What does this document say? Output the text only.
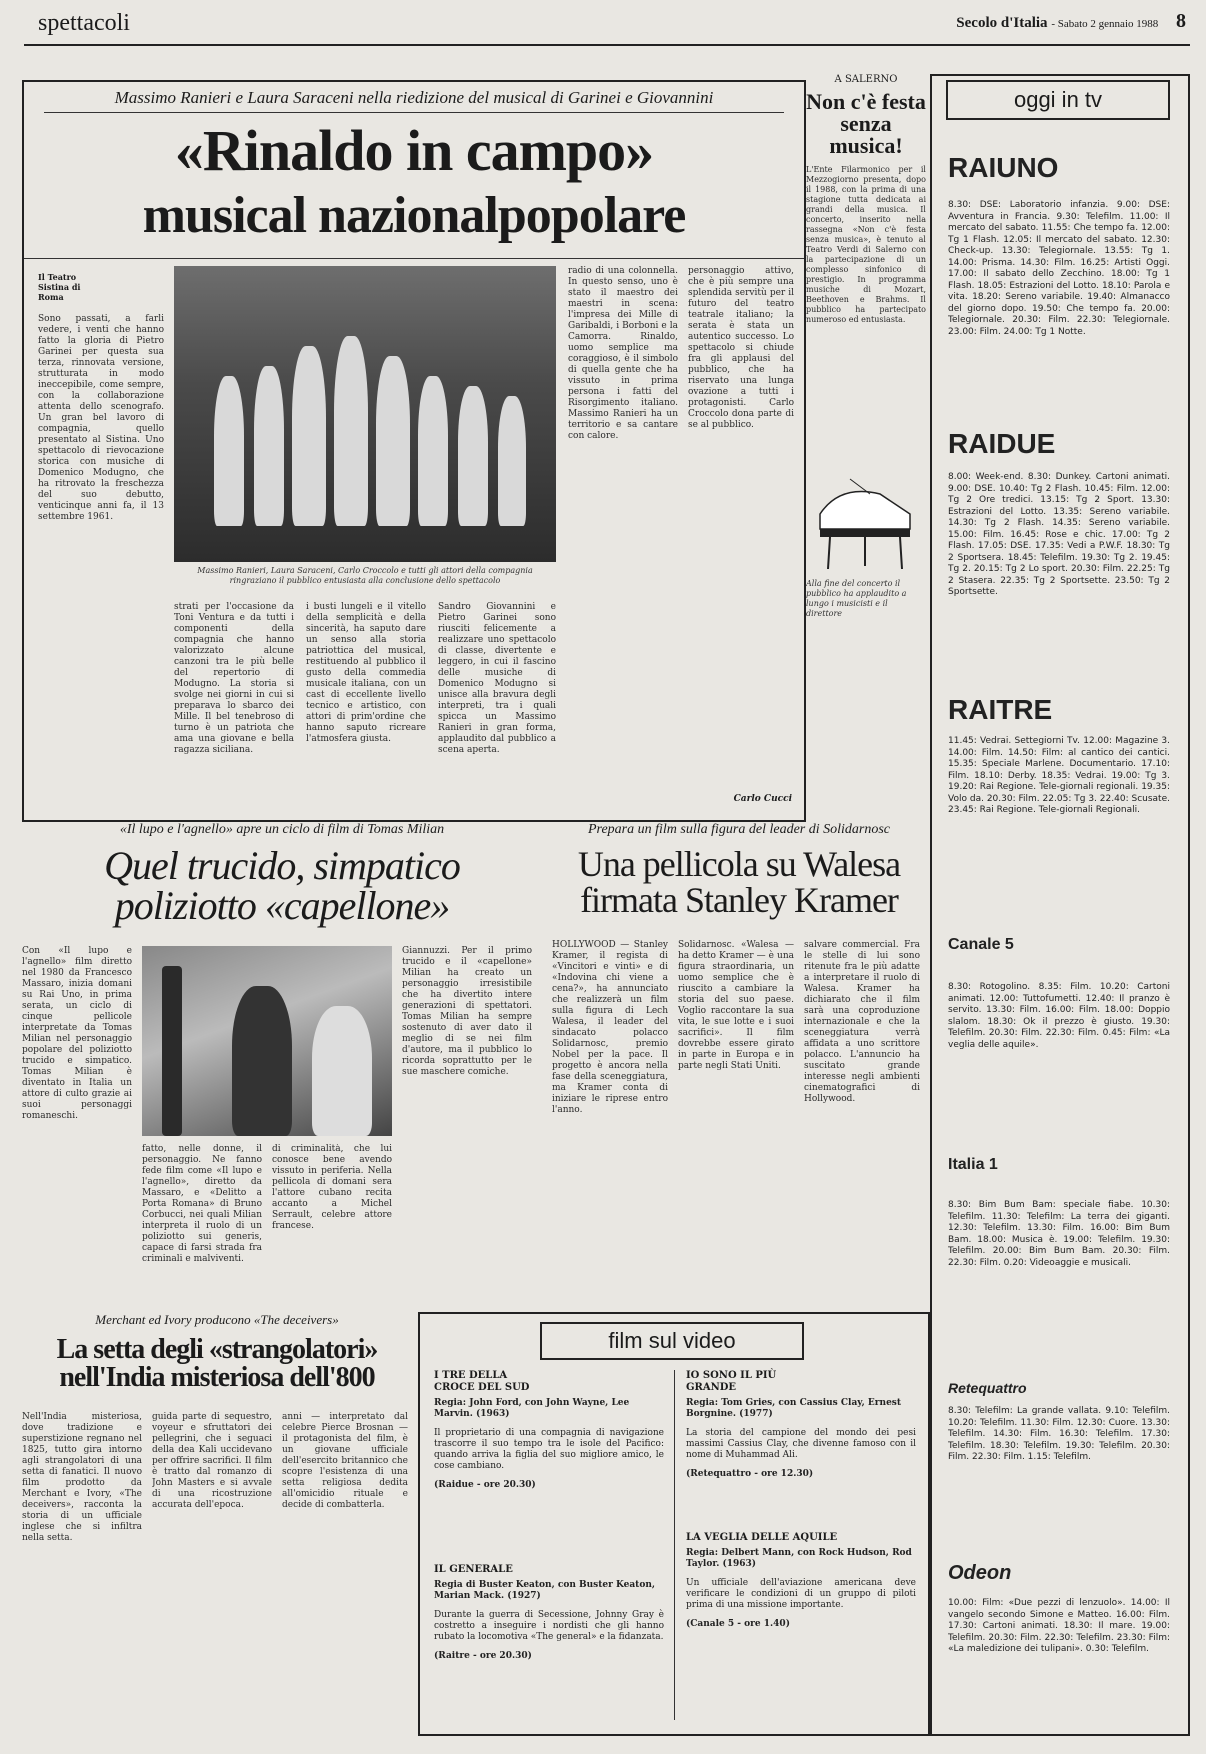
spettacoli	Secolo d'Italia - Sabato 2 gennaio 1988 8
Massimo Ranieri e Laura Saraceni nella riedizione del musical di Garinei e Giovannini
«Rinaldo in campo»
musical nazionalpopolare
Il Teatro Sistina di Roma
Sono passati, a farli vedere, i venti che hanno fatto la gloria di Pietro Garinei per questa sua terza, rinnovata versione, strutturata in modo ineccepibile, come sempre, con la collaborazione attenta dello scenografo. Un gran bel lavoro di compagnia, quello presentato al Sistina. Uno spettacolo di rievocazione storica con musiche di Domenico Modugno, che ha ritrovato la freschezza del suo debutto, venticinque anni fa, il 13 settembre 1961.
Massimo Ranieri, Laura Saraceni, Carlo Croccolo e tutti gli attori della compagnia ringraziano il pubblico entusiasta alla conclusione dello spettacolo
strati per l'occasione da Toni Ventura e da tutti i componenti della compagnia che hanno valorizzato alcune canzoni tra le più belle del repertorio di Modugno. La storia si svolge nei giorni in cui si preparava lo sbarco dei Mille. Il bel tenebroso di turno è un patriota che ama una giovane e bella ragazza siciliana.
i busti lungeli e il vitello della semplicità e della sincerità, ha saputo dare un senso alla storia patriottica del musical, restituendo al pubblico il gusto della commedia musicale italiana, con un cast di eccellente livello tecnico e artistico, con attori di prim'ordine che hanno saputo ricreare l'atmosfera giusta.
Sandro Giovannini e Pietro Garinei sono riusciti felicemente a realizzare uno spettacolo di classe, divertente e leggero, in cui il fascino delle musiche di Domenico Modugno si unisce alla bravura degli interpreti, tra i quali spicca un Massimo Ranieri in gran forma, applaudito dal pubblico a scena aperta.
radio di una colonnella. In questo senso, uno è stato il maestro dei maestri in scena: l'impresa dei Mille di Garibaldi, i Borboni e la Camorra. Rinaldo, uomo semplice ma coraggioso, è il simbolo di quella gente che ha vissuto in prima persona i fatti del Risorgimento italiano. Massimo Ranieri ha un territorio e sa cantare con calore.
personaggio attivo, che è più sempre una splendida servitù per il futuro del teatro teatrale italiano; la serata è stata un autentico successo. Lo spettacolo si chiude fra gli applausi del pubblico, che ha riservato una lunga ovazione a tutti i protagonisti. Carlo Croccolo dona parte di se al pubblico.
Carlo Cucci
A SALERNO
Non c'è festa senza musica!
L'Ente Filarmonico per il Mezzogiorno presenta, dopo il 1988, con la prima di una stagione tutta dedicata ai grandi della musica. Il concerto, inserito nella rassegna «Non c'è festa senza musica», è tenuto al Teatro Verdi di Salerno con la partecipazione di un complesso sinfonico di prestigio. In programma musiche di Mozart, Beethoven e Brahms. Il pubblico ha partecipato numeroso ed entusiasta.
Alla fine del concerto il pubblico ha applaudito a lungo i musicisti e il direttore
«Il lupo e l'agnello» apre un ciclo di film di Tomas Milian
Quel trucido, simpatico
poliziotto «capellone»
Con «Il lupo e l'agnello» film diretto nel 1980 da Francesco Massaro, inizia domani su Rai Uno, in prima serata, un ciclo di cinque pellicole interpretate da Tomas Milian nel personaggio popolare del poliziotto trucido e simpatico. Tomas Milian è diventato in Italia un attore di culto grazie ai suoi personaggi romaneschi.
fatto, nelle donne, il personaggio. Ne fanno fede film come «Il lupo e l'agnello», diretto da Massaro, e «Delitto a Porta Romana» di Bruno Corbucci, nei quali Milian interpreta il ruolo di un poliziotto sui generis, capace di farsi strada fra criminali e malviventi.
di criminalità, che lui conosce bene avendo vissuto in periferia. Nella pellicola di domani sera l'attore cubano recita accanto a Michel Serrault, celebre attore francese.
Giannuzzi. Per il primo trucido e il «capellone» Milian ha creato un personaggio irresistibile che ha divertito intere generazioni di spettatori. Tomas Milian ha sempre sostenuto di aver dato il meglio di se nei film d'autore, ma il pubblico lo ricorda soprattutto per le sue maschere comiche.
Prepara un film sulla figura del leader di Solidarnosc
Una pellicola su Walesa
firmata Stanley Kramer
HOLLYWOOD — Stanley Kramer, il regista di «Vincitori e vinti» e di «Indovina chi viene a cena?», ha annunciato che realizzerà un film sulla figura di Lech Walesa, il leader del sindacato polacco Solidarnosc, premio Nobel per la pace. Il progetto è ancora nella fase della sceneggiatura, ma Kramer conta di iniziare le riprese entro l'anno.
Solidarnosc. «Walesa — ha detto Kramer — è una figura straordinaria, un uomo semplice che è riuscito a cambiare la storia del suo paese. Voglio raccontare la sua vita, le sue lotte e i suoi sacrifici». Il film dovrebbe essere girato in parte in Europa e in parte negli Stati Uniti.
salvare commercial. Fra le stelle di lui sono ritenute fra le più adatte a interpretare il ruolo di Walesa. Kramer ha dichiarato che il film sarà una coproduzione internazionale e che la sceneggiatura verrà affidata a uno scrittore polacco. L'annuncio ha suscitato grande interesse negli ambienti cinematografici di Hollywood.
Merchant ed Ivory producono «The deceivers»
La setta degli «strangolatori»
nell'India misteriosa dell'800
Nell'India misteriosa, dove tradizione e superstizione regnano nel 1825, tutto gira intorno agli strangolatori di una setta di fanatici. Il nuovo film prodotto da Merchant e Ivory, «The deceivers», racconta la storia di un ufficiale inglese che si infiltra nella setta.
guida parte di sequestro, voyeur e sfruttatori dei pellegrini, che i seguaci della dea Kali uccidevano per offrire sacrifici. Il film è tratto dal romanzo di John Masters e si avvale di una ricostruzione accurata dell'epoca.
anni — interpretato dal celebre Pierce Brosnan — il protagonista del film, è un giovane ufficiale dell'esercito britannico che scopre l'esistenza di una setta religiosa dedita all'omicidio rituale e decide di combatterla.
film sul video
I TRE DELLA CROCE DEL SUD
Regia: John Ford, con John Wayne, Lee Marvin. (1963)
Il proprietario di una compagnia di navigazione trascorre il suo tempo tra le isole del Pacifico: quando arriva la figlia del suo migliore amico, le cose cambiano.
(Raidue - ore 20.30)
IL GENERALE
Regia di Buster Keaton, con Buster Keaton, Marian Mack. (1927)
Durante la guerra di Secessione, Johnny Gray è costretto a inseguire i nordisti che gli hanno rubato la locomotiva «The general» e la fidanzata.
(Raitre - ore 20.30)
IO SONO IL PIÙ GRANDE
Regia: Tom Gries, con Cassius Clay, Ernest Borgnine. (1977)
La storia del campione del mondo dei pesi massimi Cassius Clay, che divenne famoso con il nome di Muhammad Ali.
(Retequattro - ore 12.30)
LA VEGLIA DELLE AQUILE
Regia: Delbert Mann, con Rock Hudson, Rod Taylor. (1963)
Un ufficiale dell'aviazione americana deve verificare le condizioni di un gruppo di piloti prima di una missione importante.
(Canale 5 - ore 1.40)
oggi in tv
RAIUNO
8.30: DSE: Laboratorio infanzia. 9.00: DSE: Avventura in Francia. 9.30: Telefilm. 11.00: Il mercato del sabato. 11.55: Che tempo fa. 12.00: Tg 1 Flash. 12.05: Il mercato del sabato. 12.30: Check-up. 13.30: Telegiornale. 13.55: Tg 1. 14.00: Prisma. 14.30: Film. 16.25: Artisti Oggi. 17.00: Il sabato dello Zecchino. 18.00: Tg 1 Flash. 18.05: Estrazioni del Lotto. 18.10: Parola e vita. 18.20: Sereno variabile. 19.40: Almanacco del giorno dopo. 19.50: Che tempo fa. 20.00: Telegiornale. 20.30: Film. 22.30: Telegiornale. 23.00: Film. 24.00: Tg 1 Notte.
RAIDUE
8.00: Week-end. 8.30: Dunkey. Cartoni animati. 9.00: DSE. 10.40: Tg 2 Flash. 10.45: Film. 12.00: Tg 2 Ore tredici. 13.15: Tg 2 Sport. 13.30: Estrazioni del Lotto. 13.35: Sereno variabile. 14.30: Tg 2 Flash. 14.35: Sereno variabile. 15.00: Film. 16.45: Rose e chic. 17.00: Tg 2 Flash. 17.05: DSE. 17.35: Vedi a P.W.F. 18.30: Tg 2 Sportsera. 18.45: Telefilm. 19.30: Tg 2. 19.45: Tg 2. 20.15: Tg 2 Lo sport. 20.30: Film. 22.25: Tg 2 Stasera. 22.35: Tg 2 Sportsette. 23.50: Tg 2 Sportsette.
RAITRE
11.45: Vedrai. Settegiorni Tv. 12.00: Magazine 3. 14.00: Film. 14.50: Film: al cantico dei cantici. 15.35: Speciale Marlene. Documentario. 17.10: Film. 18.10: Derby. 18.35: Vedrai. 19.00: Tg 3. 19.20: Rai Regione. Tele-giornali regionali. 19.35: Volo da. 20.30: Film. 22.05: Tg 3. 22.40: Scusate. 23.45: Rai Regione. Tele-giornali Regionali.
Canale 5
8.30: Rotogolino. 8.35: Film. 10.20: Cartoni animati. 12.00: Tuttofumetti. 12.40: Il pranzo è servito. 13.30: Film. 16.00: Film. 18.00: Doppio slalom. 18.30: Ok il prezzo è giusto. 19.30: Telefilm. 20.30: Film. 22.30: Film. 0.45: Film: «La veglia delle aquile».
Italia 1
8.30: Bim Bum Bam: speciale fiabe. 10.30: Telefilm. 11.30: Telefilm: La terra dei giganti. 12.30: Telefilm. 13.30: Film. 16.00: Bim Bum Bam. 18.00: Musica è. 19.00: Telefilm. 19.30: Telefilm. 20.00: Bim Bum Bam. 20.30: Film. 22.30: Film. 0.20: Videoaggie e musicali.
Retequattro
8.30: Telefilm: La grande vallata. 9.10: Telefilm. 10.20: Telefilm. 11.30: Film. 12.30: Cuore. 13.30: Telefilm. 14.30: Film. 16.30: Telefilm. 17.30: Telefilm. 18.30: Telefilm. 19.30: Telefilm. 20.30: Film. 22.30: Film. 1.15: Telefilm.
Odeon
10.00: Film: «Due pezzi di lenzuolo». 14.00: Il vangelo secondo Simone e Matteo. 16.00: Film. 17.30: Cartoni animati. 18.30: Il mare. 19.00: Telefilm. 20.30: Film. 22.30: Telefilm. 23.30: Film: «La maledizione dei tulipani». 0.30: Telefilm.
